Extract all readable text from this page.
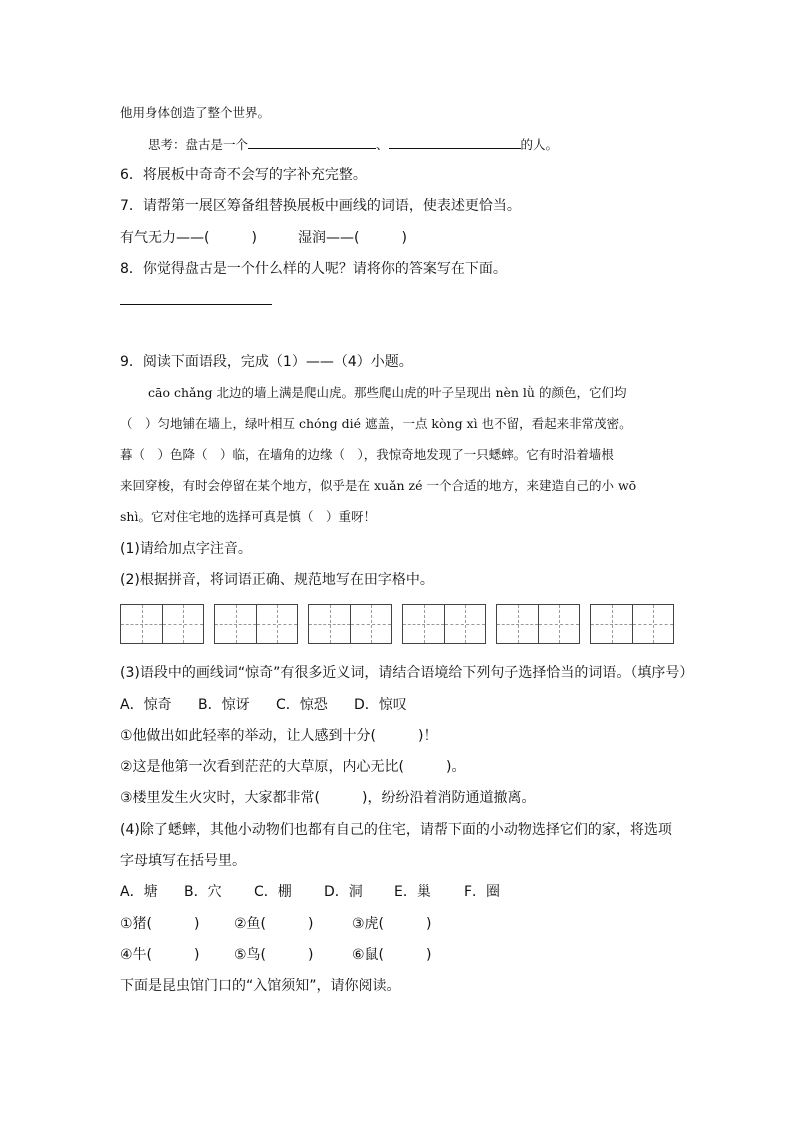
他用身体创造了整个世界。
思考：盘古是一个	、	的人。
6．将展板中奇奇不会写的字补充完整。
7．请帮第一展区筹备组替换展板中画线的词语，使表述更恰当。
有气无力——(　　　)	湿润——(　　　)
8．你觉得盘古是一个什么样的人呢？请将你的答案写在下面。
9．阅读下面语段，完成（1）——（4）小题。
cāo chǎng 北边的墙上满是爬山虎。那些爬山虎的叶子呈现出 nèn lǜ 的颜色，它们均
（　）匀地铺在墙上，绿叶相互 chóng dié 遮盖，一点 kòng xì 也不留，看起来非常茂密。
暮（　）色降（　）临，在墙角的边缘（　），我惊奇地发现了一只蟋蟀。它有时沿着墙根
来回穿梭，有时会停留在某个地方，似乎是在 xuǎn zé 一个合适的地方，来建造自己的小 wō
shì。它对住宅地的选择可真是慎（　）重呀！
(1)请给加点字注音。
(2)根据拼音，将词语正确、规范地写在田字格中。
(3)语段中的画线词“惊奇”有很多近义词，请结合语境给下列句子选择恰当的词语。（填序号）
A．惊奇 B．惊讶 C．惊恐 D．惊叹
①他做出如此轻率的举动，让人感到十分(　　　)！
②这是他第一次看到茫茫的大草原，内心无比(　　　)。
③楼里发生火灾时，大家都非常(　　　)，纷纷沿着消防通道撤离。
(4)除了蟋蟀，其他小动物们也都有自己的住宅，请帮下面的小动物选择它们的家，将选项
字母填写在括号里。
A．塘 B．穴 C．棚 D．洞 E．巢 F．圈
①猪(　　　) ②鱼(　　　)	③虎(　　　)
④牛(　　　) ⑤鸟(　　　)	⑥鼠(　　　)
下面是昆虫馆门口的“入馆须知”，请你阅读。
